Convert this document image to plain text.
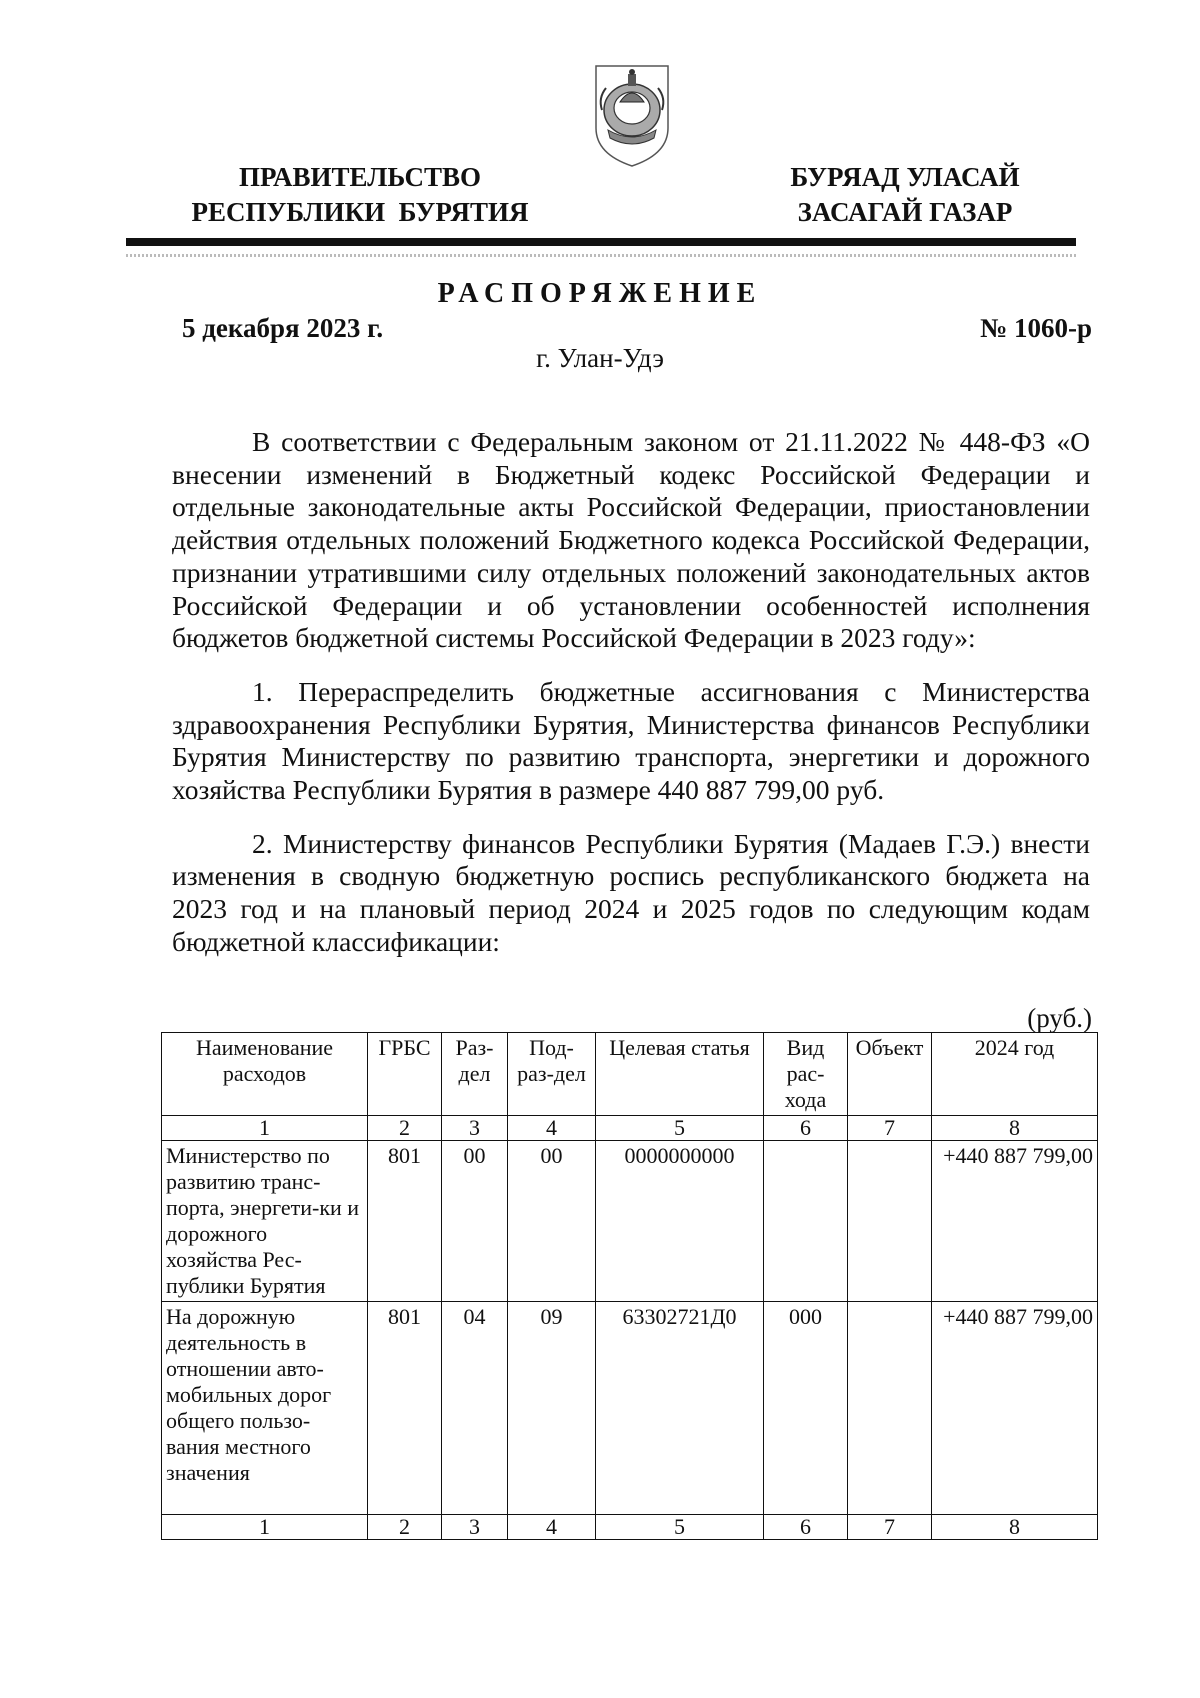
ПРАВИТЕЛЬСТВО
РЕСПУБЛИКИ  БУРЯТИЯ
БУРЯАД УЛАСАЙ
ЗАСАГАЙ ГАЗАР
РАСПОРЯЖЕНИЕ
5 декабря 2023 г.	№ 1060-р
г. Улан-Удэ

В соответствии с Федеральным законом от 21.11.2022 № 448-ФЗ «О внесении изменений в Бюджетный кодекс Российской Федерации и отдельные законодательные акты Российской Федерации, приостановлении действия отдельных положений Бюджетного кодекса Российской Федерации, признании утратившими силу отдельных положений законодательных актов Российской Федерации и об установлении особенностей исполнения бюджетов бюджетной системы Российской Федерации в 2023 году»:

1. Перераспределить бюджетные ассигнования с Министерства здравоохранения Республики Бурятия, Министерства финансов Республики Бурятия Министерству по развитию транспорта, энергетики и дорожного хозяйства Республики Бурятия в размере 440 887 799,00 руб.

2. Министерству финансов Республики Бурятия (Мадаев Г.Э.) внести изменения в сводную бюджетную роспись республиканского бюджета на 2023 год и на плановый период 2024 и 2025 годов по следующим кодам бюджетной классификации:

(руб.)
Наименование расходов	ГРБС	Раз-дел	Под-раз-дел	Целевая статья	Вид рас-хода	Объект	2024 год
1	2	3	4	5	6	7	8
Министерство по развитию транс-порта, энергети-ки и дорожного хозяйства Рес-публики Бурятия	801	00	00	0000000000			+440 887 799,00
На дорожную деятельность в отношении авто-мобильных дорог общего пользо-вания местного значения	801	04	09	63302721Д0	000		+440 887 799,00
1	2	3	4	5	6	7	8
